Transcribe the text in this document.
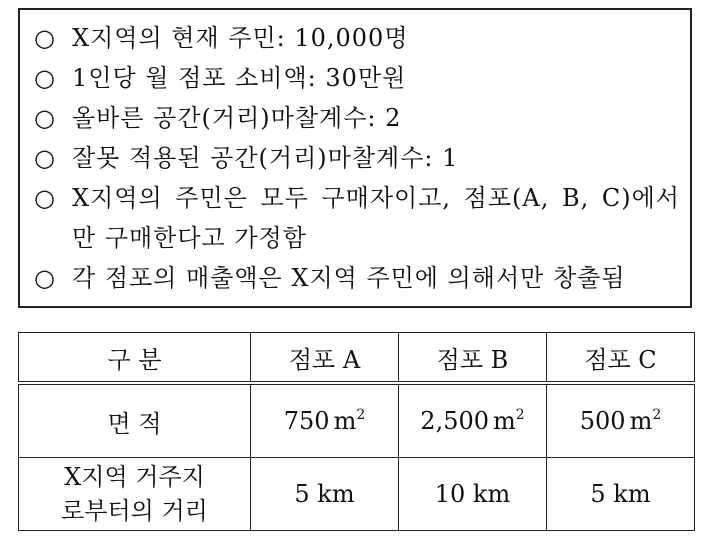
○ X지역의 현재 주민: 10,000명
○ 1인당 월 점포 소비액: 30만원
○ 올바른 공간(거리)마찰계수: 2
○ 잘못 적용된 공간(거리)마찰계수: 1
○ X지역의 주민은 모두 구매자이고, 점포(A, B, C)에서만 구매한다고 가정함
○ 각 점포의 매출액은 X지역 주민에 의해서만 창출됨
구 분	점포 A	점포 B	점포 C
면 적	750 $m^2$	2,500 $m^2$	500 $m^2$

X지역 거주지
로부터의 거리	5 km	10 km	5 km
